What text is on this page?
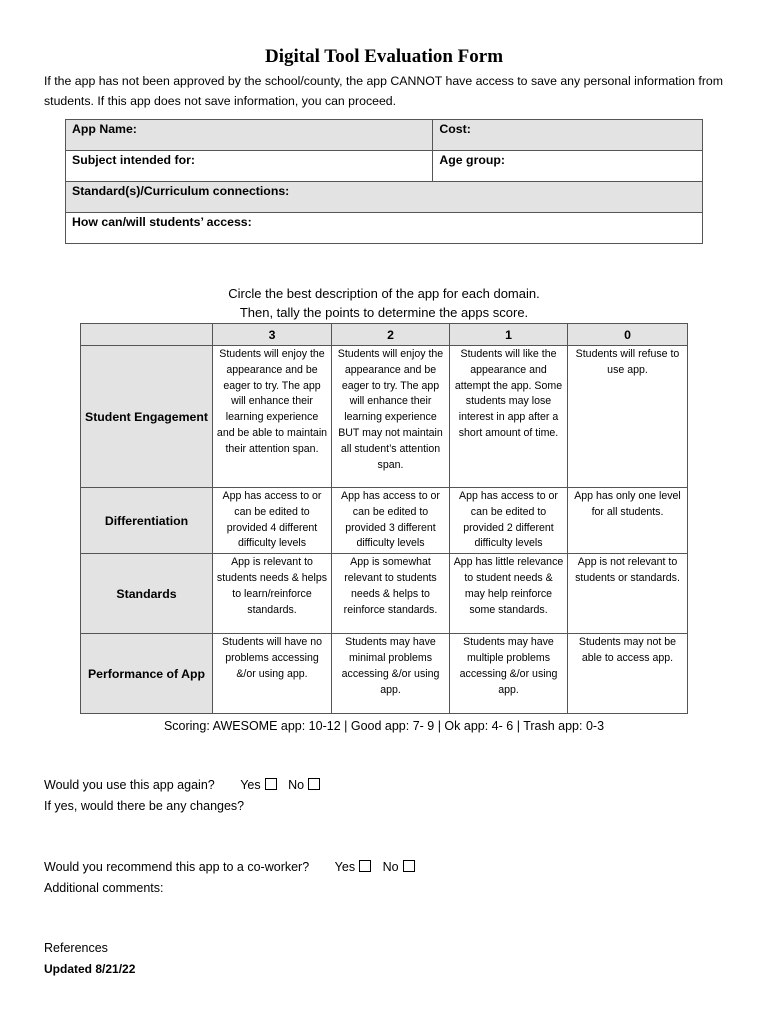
Digital Tool Evaluation Form
If the app has not been approved by the school/county, the app CANNOT have access to save any personal information from students. If this app does not save information, you can proceed.
App Name:	Cost:
Subject intended for:	Age group:
Standard(s)/Curriculum connections:	
How can/will students’ access:	
Circle the best description of the app for each domain.
Then, tally the points to determine the apps score.
	3	2	1	0
Student Engagement	Students will enjoy the appearance and be eager to try. The app will enhance their learning experience and be able to maintain their attention span.	Students will enjoy the appearance and be eager to try. The app will enhance their learning experience BUT may not maintain all student’s attention span.	Students will like the appearance and attempt the app. Some students may lose interest in app after a short amount of time.	Students will refuse to use app.
Differentiation	App has access to or can be edited to provided 4 different difficulty levels	App has access to or can be edited to provided 3 different difficulty levels	App has access to or can be edited to provided 2 different difficulty levels	App has only one level for all students.
Standards	App is relevant to students needs & helps to learn/reinforce standards.	App is somewhat relevant to students needs & helps to reinforce standards.	App has little relevance to student needs & may help reinforce some standards.	App is not relevant to students or standards.
Performance of App	Students will have no problems accessing &/or using app.	Students may have minimal problems accessing &/or using app.	Students may have multiple problems accessing &/or using app.	Students may not be able to access app.
Scoring: AWESOME app: 10-12 | Good app: 7- 9 | Ok app: 4- 6 | Trash app: 0-3
Would you use this app again? Yes No
If yes, would there be any changes?
Would you recommend this app to a co-worker? Yes No
Additional comments:
References
Updated 8/21/22
